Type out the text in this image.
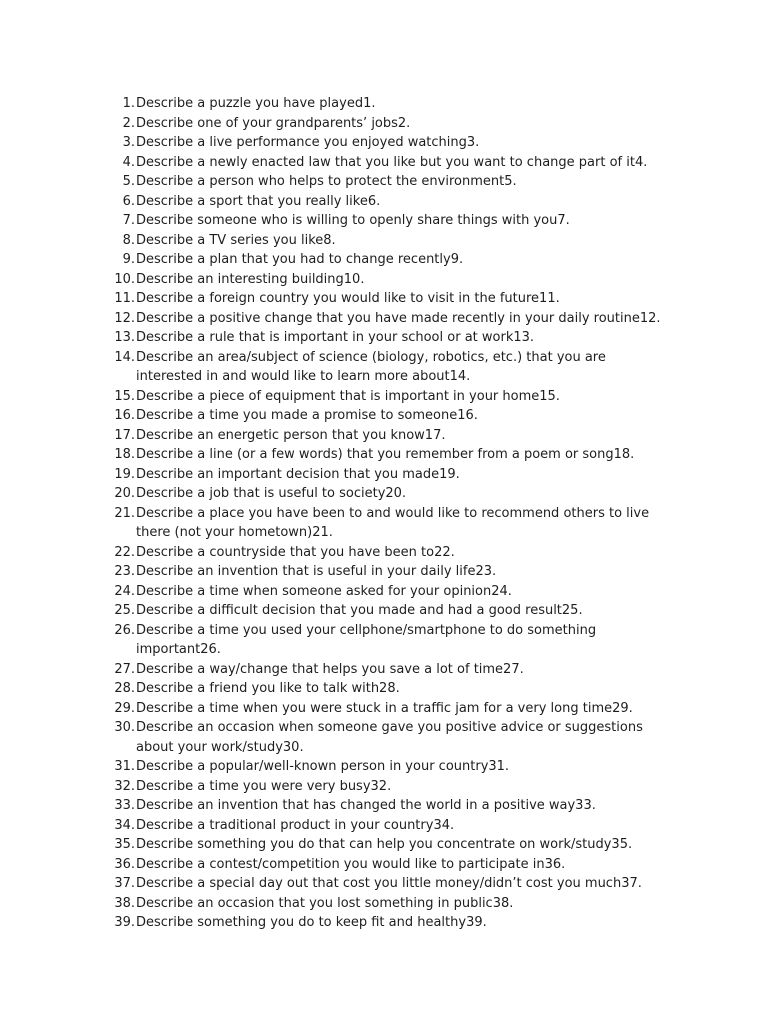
1. Describe a puzzle you have played1.
2. Describe one of your grandparents’ jobs2.
3. Describe a live performance you enjoyed watching3.
4. Describe a newly enacted law that you like but you want to change part of it4.
5. Describe a person who helps to protect the environment5.
6. Describe a sport that you really like6.
7. Describe someone who is willing to openly share things with you7.
8. Describe a TV series you like8.
9. Describe a plan that you had to change recently9.
10. Describe an interesting building10.
11. Describe a foreign country you would like to visit in the future11.
12. Describe a positive change that you have made recently in your daily routine12.
13. Describe a rule that is important in your school or at work13.
14. Describe an area/subject of science (biology, robotics, etc.) that you are
interested in and would like to learn more about14.
15. Describe a piece of equipment that is important in your home15.
16. Describe a time you made a promise to someone16.
17. Describe an energetic person that you know17.
18. Describe a line (or a few words) that you remember from a poem or song18.
19. Describe an important decision that you made19.
20. Describe a job that is useful to society20.
21. Describe a place you have been to and would like to recommend others to live
there (not your hometown)21.
22. Describe a countryside that you have been to22.
23. Describe an invention that is useful in your daily life23.
24. Describe a time when someone asked for your opinion24.
25. Describe a difficult decision that you made and had a good result25.
26. Describe a time you used your cellphone/smartphone to do something
important26.
27. Describe a way/change that helps you save a lot of time27.
28. Describe a friend you like to talk with28.
29. Describe a time when you were stuck in a traffic jam for a very long time29.
30. Describe an occasion when someone gave you positive advice or suggestions
about your work/study30.
31. Describe a popular/well-known person in your country31.
32. Describe a time you were very busy32.
33. Describe an invention that has changed the world in a positive way33.
34. Describe a traditional product in your country34.
35. Describe something you do that can help you concentrate on work/study35.
36. Describe a contest/competition you would like to participate in36.
37. Describe a special day out that cost you little money/didn’t cost you much37.
38. Describe an occasion that you lost something in public38.
39. Describe something you do to keep fit and healthy39.
